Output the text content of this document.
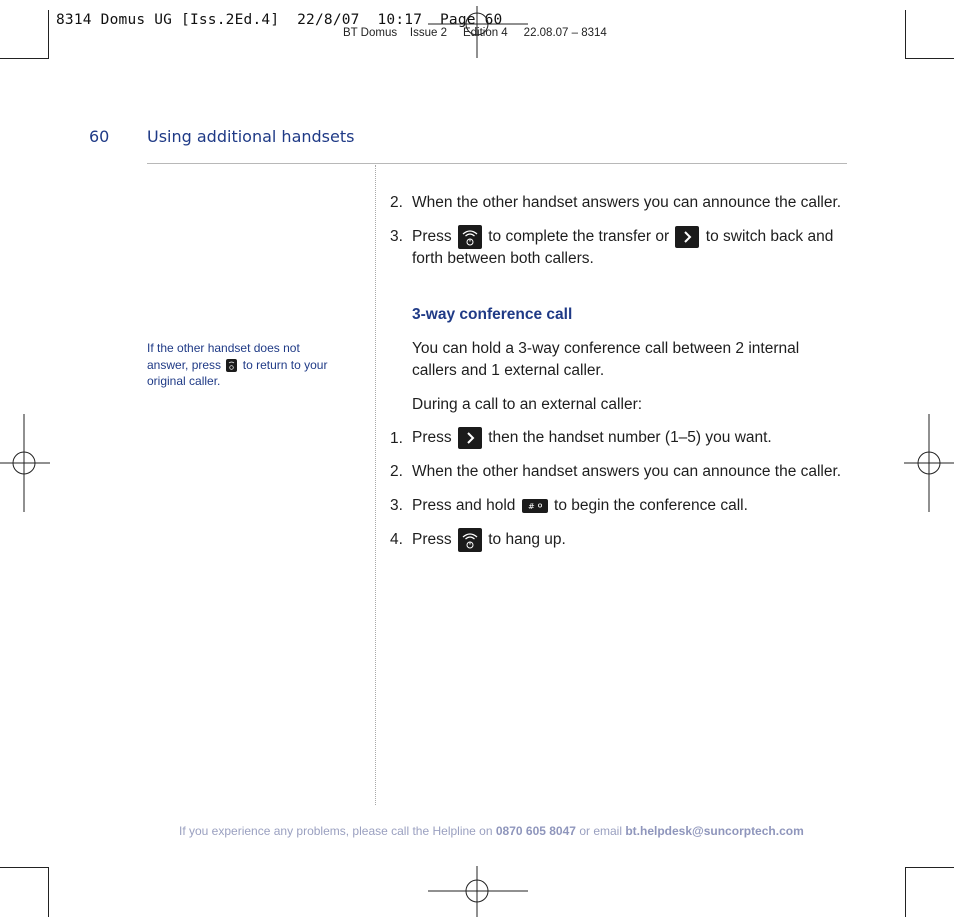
8314 Domus UG [Iss.2Ed.4]  22/8/07  10:17  Page 60
BT Domus    Issue 2     Edition 4     22.08.07 – 8314
60 Using additional handsets
2. When the other handset answers you can announce the caller.
3. Press to complete the transfer or to switch back and
forth between both callers.
3-way conference call
You can hold a 3-way conference call between 2 internal
callers and 1 external caller.
During a call to an external caller:
1. Press then the handset number (1–5) you want.
2. When the other handset answers you can announce the caller.
3. Press and hold # to begin the conference call.
4. Press to hang up.
If the other handset does not
answer, press to return to your
original caller.
If you experience any problems, please call the Helpline on 0870 605 8047 or email bt.helpdesk@suncorptech.com
